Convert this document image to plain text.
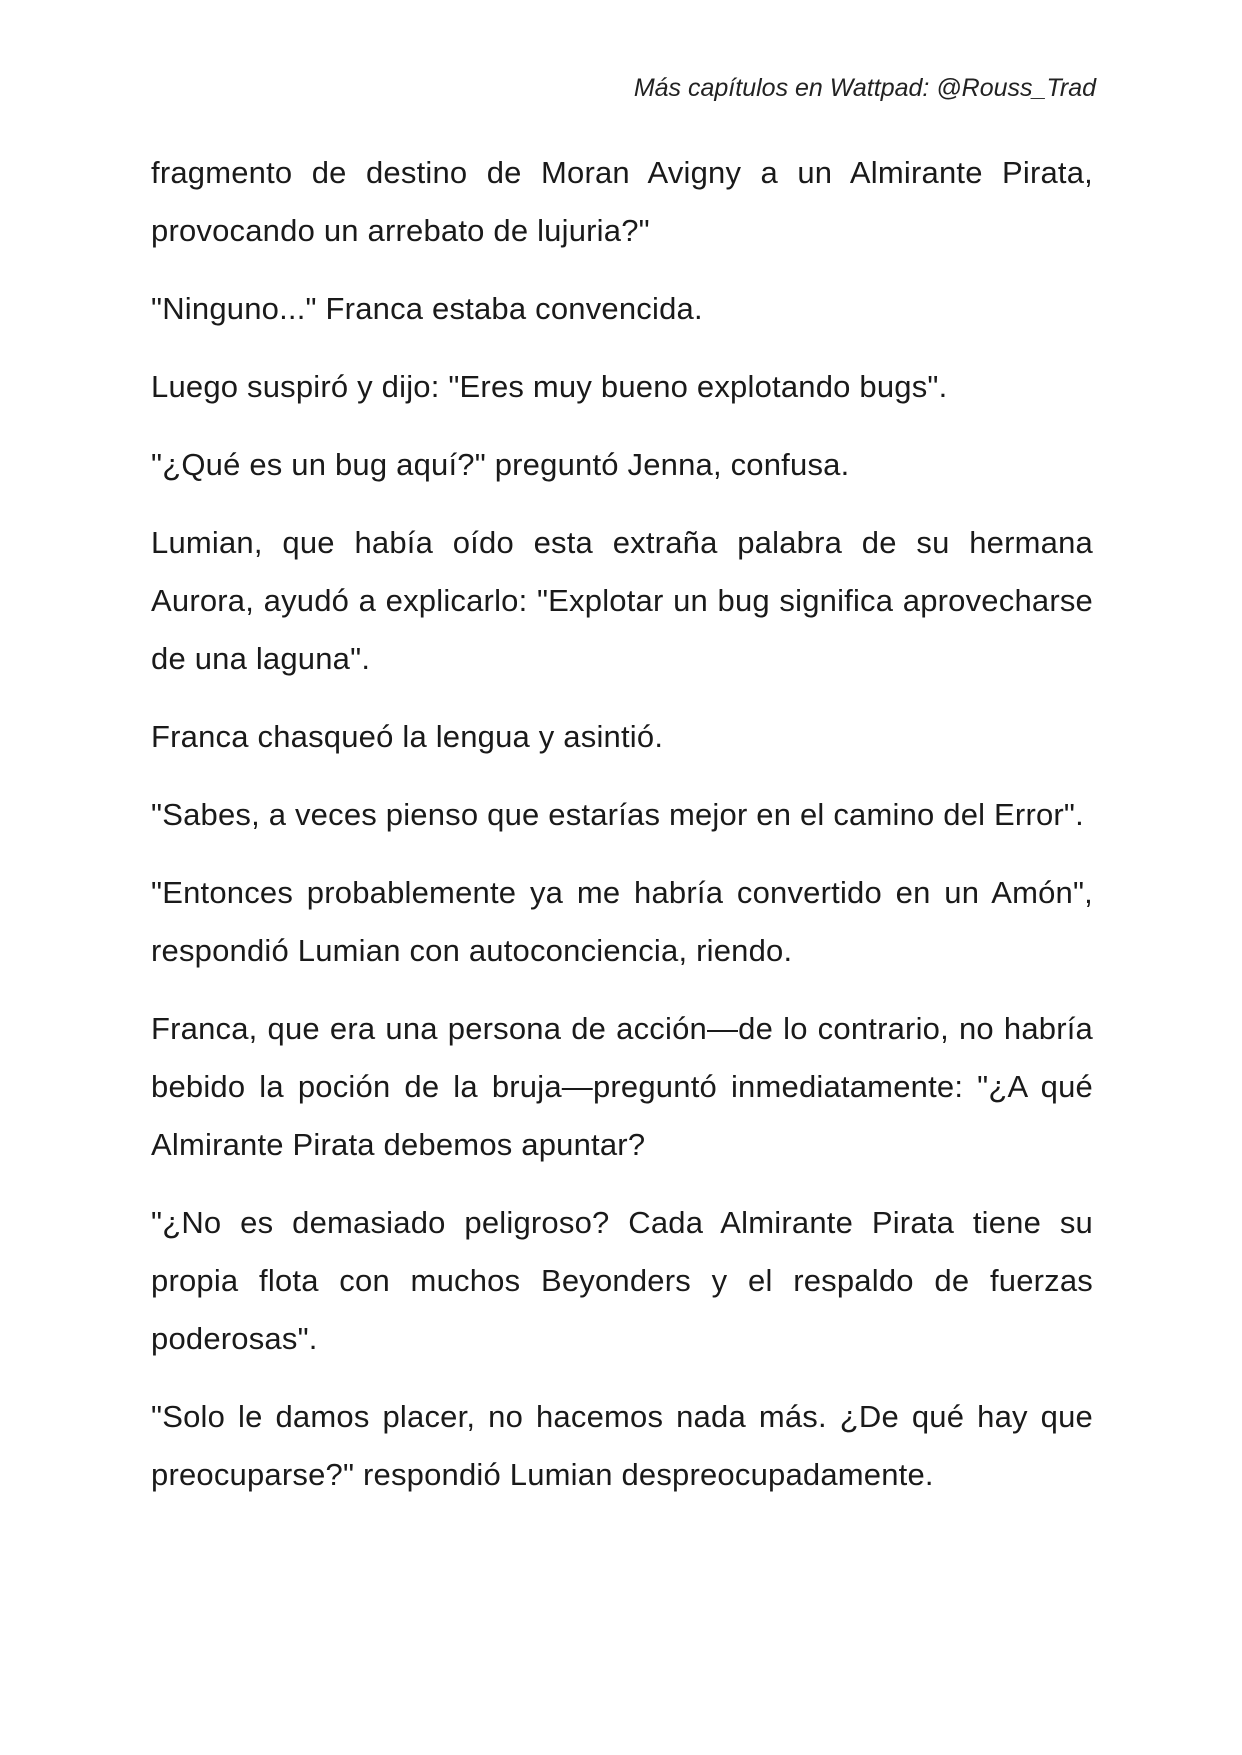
Más capítulos en Wattpad: @Rouss_Trad

fragmento de destino de Moran Avigny a un Almirante Pirata, provocando un arrebato de lujuria?"

"Ninguno..." Franca estaba convencida.

Luego suspiró y dijo: "Eres muy bueno explotando bugs".

"¿Qué es un bug aquí?" preguntó Jenna, confusa.

Lumian, que había oído esta extraña palabra de su hermana Aurora, ayudó a explicarlo: "Explotar un bug significa aprovecharse de una laguna".

Franca chasqueó la lengua y asintió.

"Sabes, a veces pienso que estarías mejor en el camino del Error".

"Entonces probablemente ya me habría convertido en un Amón", respondió Lumian con autoconciencia, riendo.

Franca, que era una persona de acción—de lo contrario, no habría bebido la poción de la bruja—preguntó inmediatamente: "¿A qué Almirante Pirata debemos apuntar?

"¿No es demasiado peligroso? Cada Almirante Pirata tiene su propia flota con muchos Beyonders y el respaldo de fuerzas poderosas".

"Solo le damos placer, no hacemos nada más. ¿De qué hay que preocuparse?" respondió Lumian despreocupadamente.
